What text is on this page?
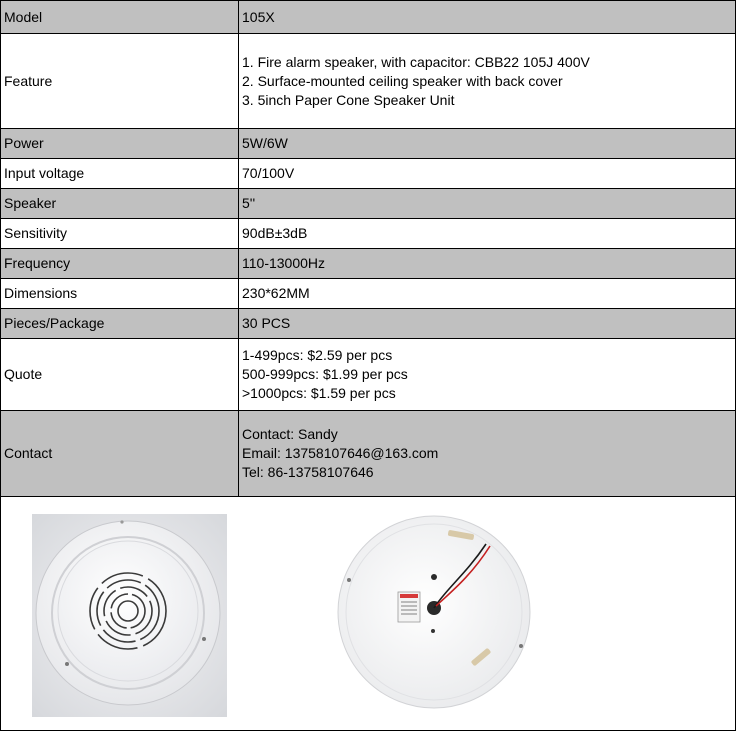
Model	105X
Feature	1. Fire alarm speaker, with capacitor: CBB22 105J 400V
2. Surface-mounted ceiling speaker with back cover
3. 5inch Paper Cone Speaker Unit

Power	5W/6W
Input voltage	70/100V
Speaker	5''
Sensitivity	90dB±3dB
Frequency	110-13000Hz
Dimensions	230*62MM
Pieces/Package	30 PCS
Quote	1-499pcs: $2.59 per pcs
500-999pcs: $1.99 per pcs
>1000pcs: $1.59 per pcs

Contact	Contact: Sandy
Email: 13758107646@163.com
Tel: 86-13758107646
